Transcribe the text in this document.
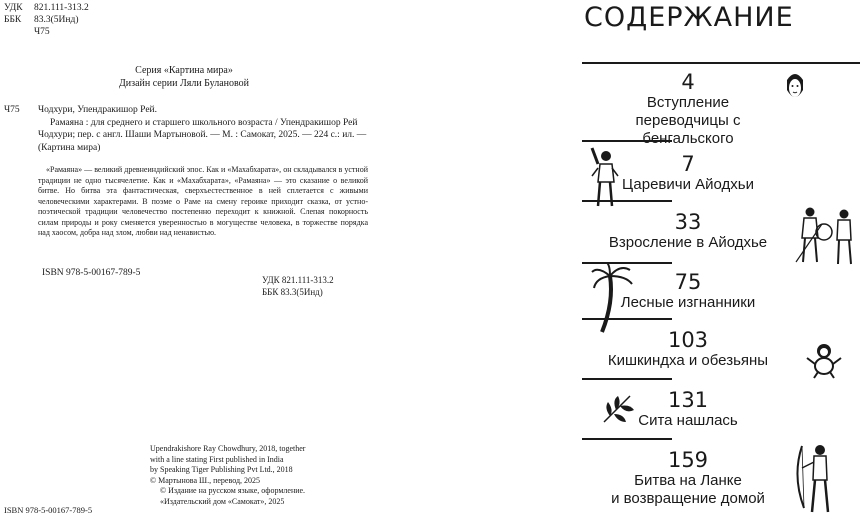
УДК	821.111-313.2
ББК	83.3(5Инд)
Ч75
Серия «Картина мира»
Дизайн серии Ляли Булановой
Ч75 Чодхури, Упендракишор Рей.
Рамаяна : для среднего и старшего школьного возраста / Упендракишор Рей Чодхури; пер. с англ. Шаши Мартыновой. — М. : Самокат, 2025. — 224 с.: ил. — (Картина мира)
«Рамаяна» — великий древнеиндийский эпос. Как и «Махабхарата», он складывался в устной традиции не одно тысячелетие. Как и «Махабхарата», «Рамаяна» — это сказание о великой битве. Но битва эта фантастическая, сверхъестественное в ней сплетается с живыми человеческими характерами. В поэме о Раме на смену героике приходит сказка, от устно-поэтической традиции человечество постепенно переходит к книжной. Слепая покорность силам природы и року сменяется уверенностью в могуществе человека, в торжестве порядка над хаосом, добра над злом, любви над ненавистью.
ISBN 978-5-00167-789-5
УДК 821.111-313.2
ББК 83.3(5Инд)
Upendrakishore Ray Chowdhury, 2018, together
with a line stating First published in India
by Speaking Tiger Publishing Pvt Ltd., 2018
© Мартынова Ш., перевод, 2025
© Издание на русском языке, оформление.
«Издательский дом «Самокат», 2025
ISBN 978-5-00167-789-5
СОДЕРЖАНИЕ
4
Вступление
переводчицы с бенгальского
7
Царевичи Айодхьи
33
Взросление в Айодхье
75
Лесные изгнанники
103
Кишкиндха и обезьяны
131
Сита нашлась
159
Битва на Ланке
и возвращение домой
